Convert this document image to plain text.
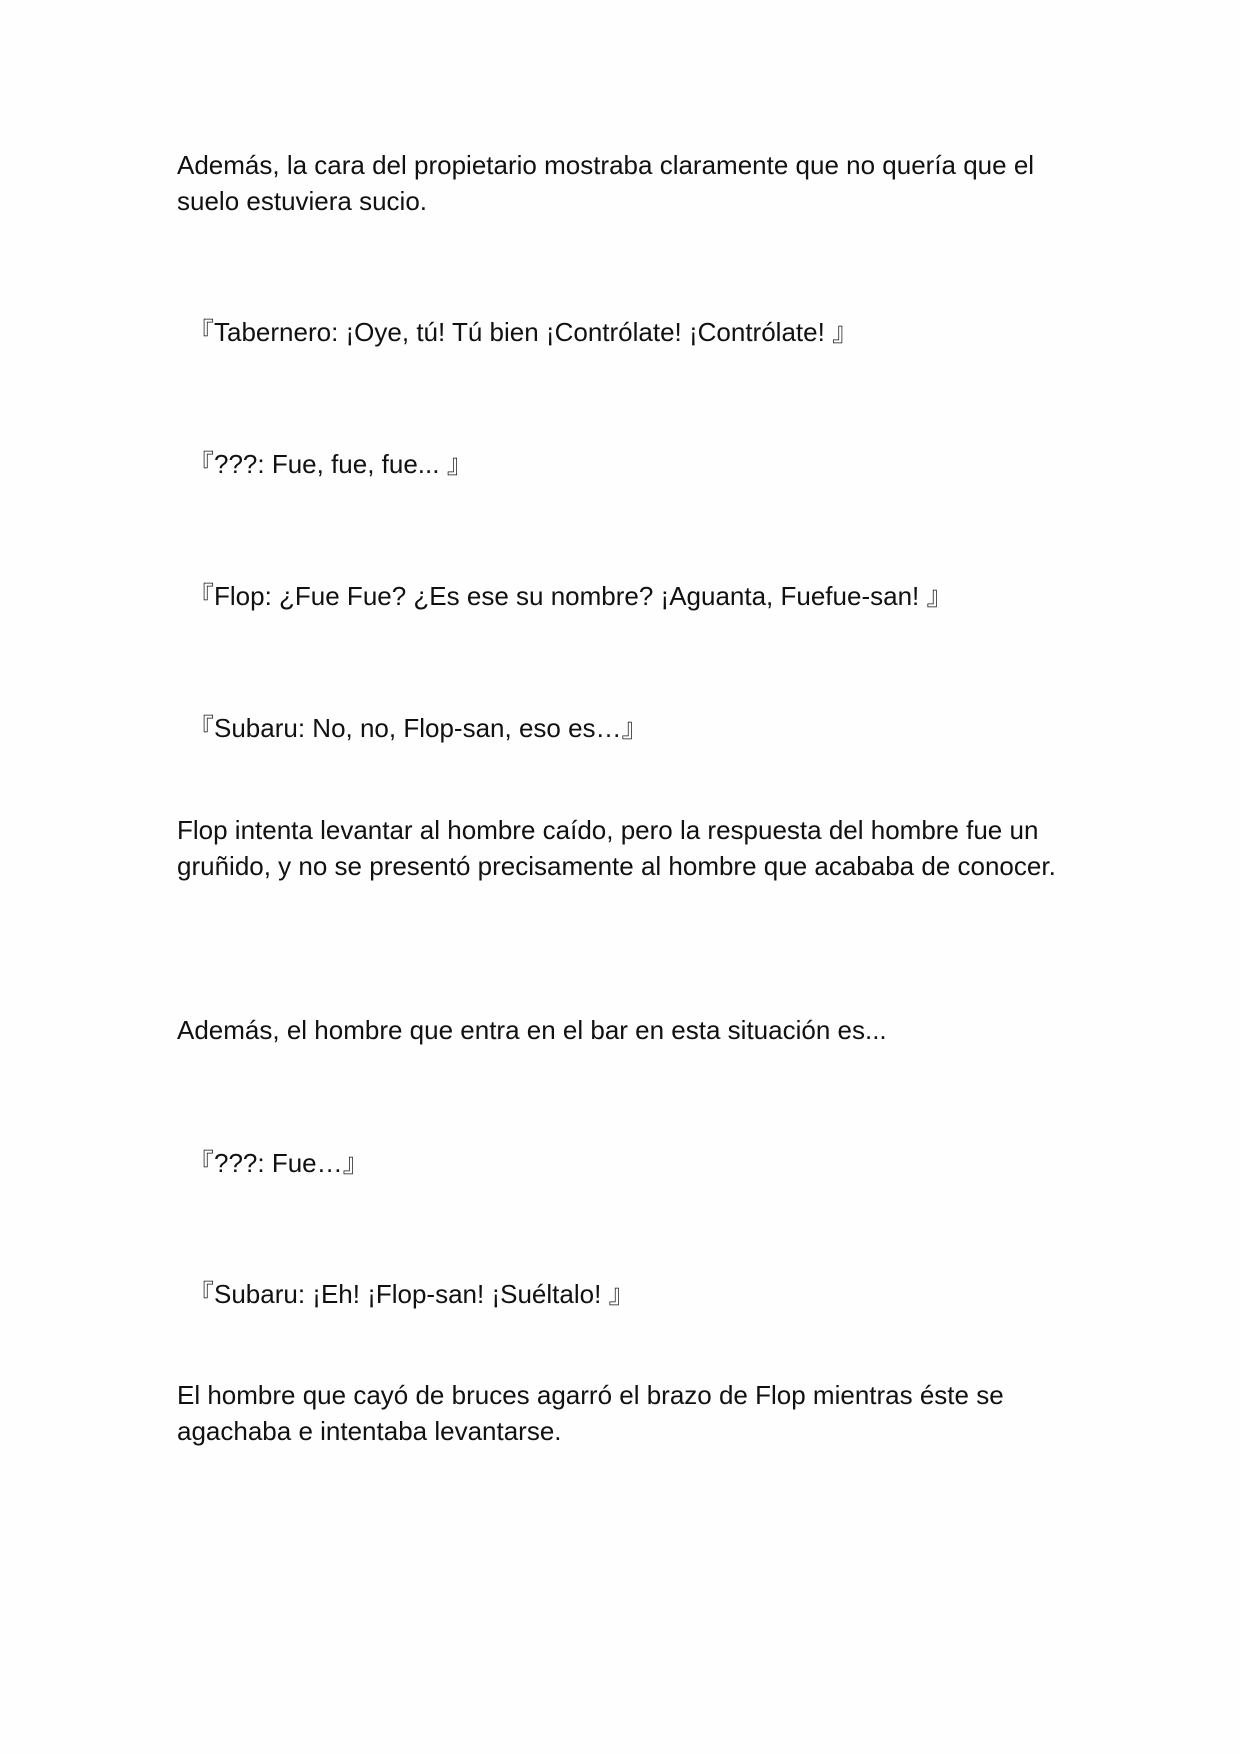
Además, la cara del propietario mostraba claramente que no quería que el suelo estuviera sucio.

『Tabernero: ¡Oye, tú! Tú bien ¡Contrólate! ¡Contrólate! 』

『???: Fue, fue, fue... 』

『Flop: ¿Fue Fue? ¿Es ese su nombre? ¡Aguanta, Fuefue-san! 』

『Subaru: No, no, Flop-san, eso es…』

Flop intenta levantar al hombre caído, pero la respuesta del hombre fue un gruñido, y no se presentó precisamente al hombre que acababa de conocer.

Además, el hombre que entra en el bar en esta situación es...

『???: Fue…』

『Subaru: ¡Eh! ¡Flop-san! ¡Suéltalo! 』

El hombre que cayó de bruces agarró el brazo de Flop mientras éste se agachaba e intentaba levantarse.
